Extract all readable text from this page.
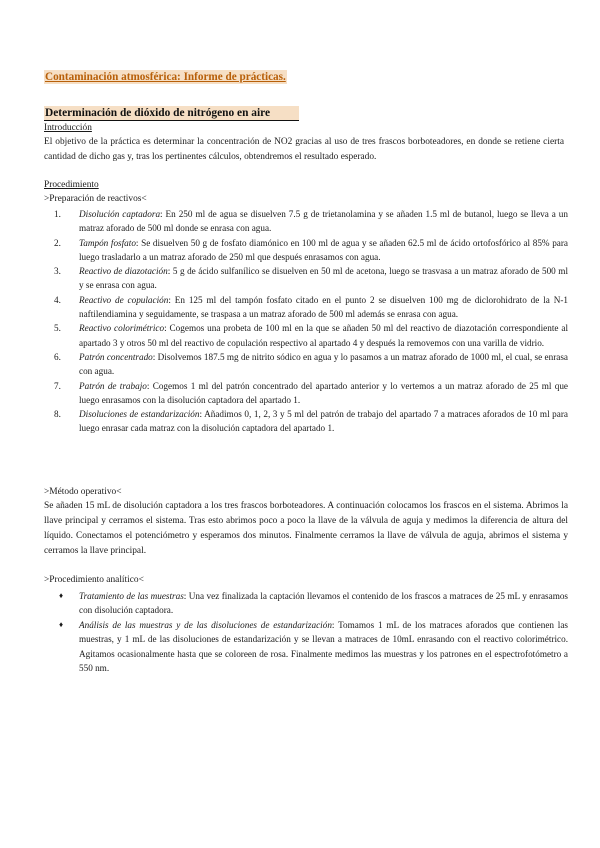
Contaminación atmosférica: Informe de prácticas.

Determinación de dióxido de nitrógeno en aire

Introducción
El objetivo de la práctica es determinar la concentración de NO2 gracias al uso de tres frascos borboteadores, en donde se retiene cierta cantidad de dicho gas y, tras los pertinentes cálculos, obtendremos el resultado esperado.
Procedimiento
>Preparación de reactivos<
1. Disolución captadora: En 250 ml de agua se disuelven 7.5 g de trietanolamina y se añaden 1.5 ml de butanol, luego se lleva a un matraz aforado de 500 ml donde se enrasa con agua.
2. Tampón fosfato: Se disuelven 50 g de fosfato diamónico en 100 ml de agua y se añaden 62.5 ml de ácido ortofosfórico al 85% para luego trasladarlo a un matraz aforado de 250 ml que después enrasamos con agua.
3. Reactivo de diazotación: 5 g de ácido sulfanílico se disuelven en 50 ml de acetona, luego se trasvasa a un matraz aforado de 500 ml y se enrasa con agua.
4. Reactivo de copulación: En 125 ml del tampón fosfato citado en el punto 2 se disuelven 100 mg de diclorohidrato de la N-1 naftilendiamina y seguidamente, se traspasa a un matraz aforado de 500 ml además se enrasa con agua.
5. Reactivo colorimétrico: Cogemos una probeta de 100 ml en la que se añaden 50 ml del reactivo de diazotación correspondiente al apartado 3 y otros 50 ml del reactivo de copulación respectivo al apartado 4 y después la removemos con una varilla de vidrio.
6. Patrón concentrado: Disolvemos 187.5 mg de nitrito sódico en agua y lo pasamos a un matraz aforado de 1000 ml, el cual, se enrasa con agua.
7. Patrón de trabajo: Cogemos 1 ml del patrón concentrado del apartado anterior y lo vertemos a un matraz aforado de 25 ml que luego enrasamos con la disolución captadora del apartado 1.
8. Disoluciones de estandarización: Añadimos 0, 1, 2, 3 y 5 ml del patrón de trabajo del apartado 7 a matraces aforados de 10 ml para luego enrasar cada matraz con la disolución captadora del apartado 1.
>Método operativo<
Se añaden 15 mL de disolución captadora a los tres frascos borboteadores. A continuación colocamos los frascos en el sistema. Abrimos la llave principal y cerramos el sistema. Tras esto abrimos poco a poco la llave de la válvula de aguja y medimos la diferencia de altura del líquido. Conectamos el potenciómetro y esperamos dos minutos. Finalmente cerramos la llave de válvula de aguja, abrimos el sistema y cerramos la llave principal.
>Procedimiento analítico<
♦ Tratamiento de las muestras: Una vez finalizada la captación llevamos el contenido de los frascos a matraces de 25 mL y enrasamos con disolución captadora.
♦ Análisis de las muestras y de las disoluciones de estandarización: Tomamos 1 mL de los matraces aforados que contienen las muestras, y 1 mL de las disoluciones de estandarización y se llevan a matraces de 10mL enrasando con el reactivo colorimétrico. Agitamos ocasionalmente hasta que se coloreen de rosa. Finalmente medimos las muestras y los patrones en el espectrofotómetro a 550 nm.
